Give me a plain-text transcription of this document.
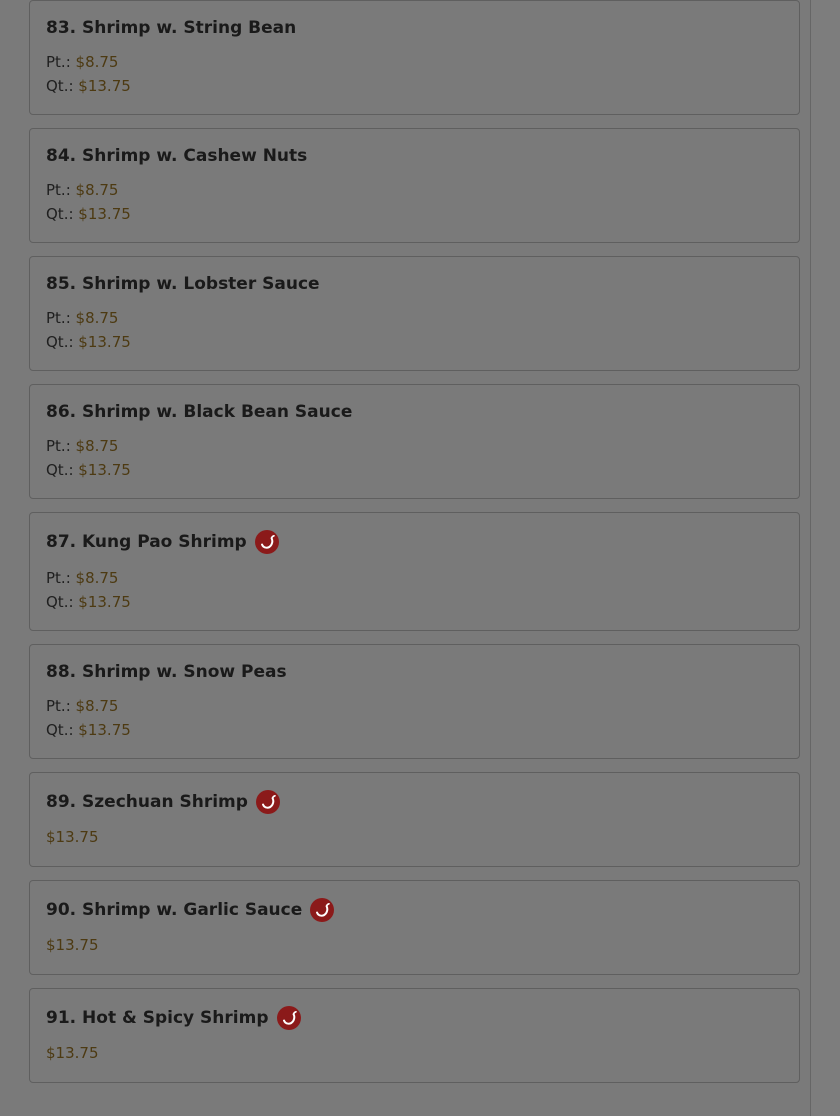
83. Shrimp w. String Bean
Pt.: $8.75
Qt.: $13.75
84. Shrimp w. Cashew Nuts
Pt.: $8.75
Qt.: $13.75
85. Shrimp w. Lobster Sauce
Pt.: $8.75
Qt.: $13.75
86. Shrimp w. Black Bean Sauce
Pt.: $8.75
Qt.: $13.75
87. Kung Pao Shrimp
Pt.: $8.75
Qt.: $13.75
88. Shrimp w. Snow Peas
Pt.: $8.75
Qt.: $13.75
89. Szechuan Shrimp
$13.75
90. Shrimp w. Garlic Sauce
$13.75
91. Hot & Spicy Shrimp
$13.75
